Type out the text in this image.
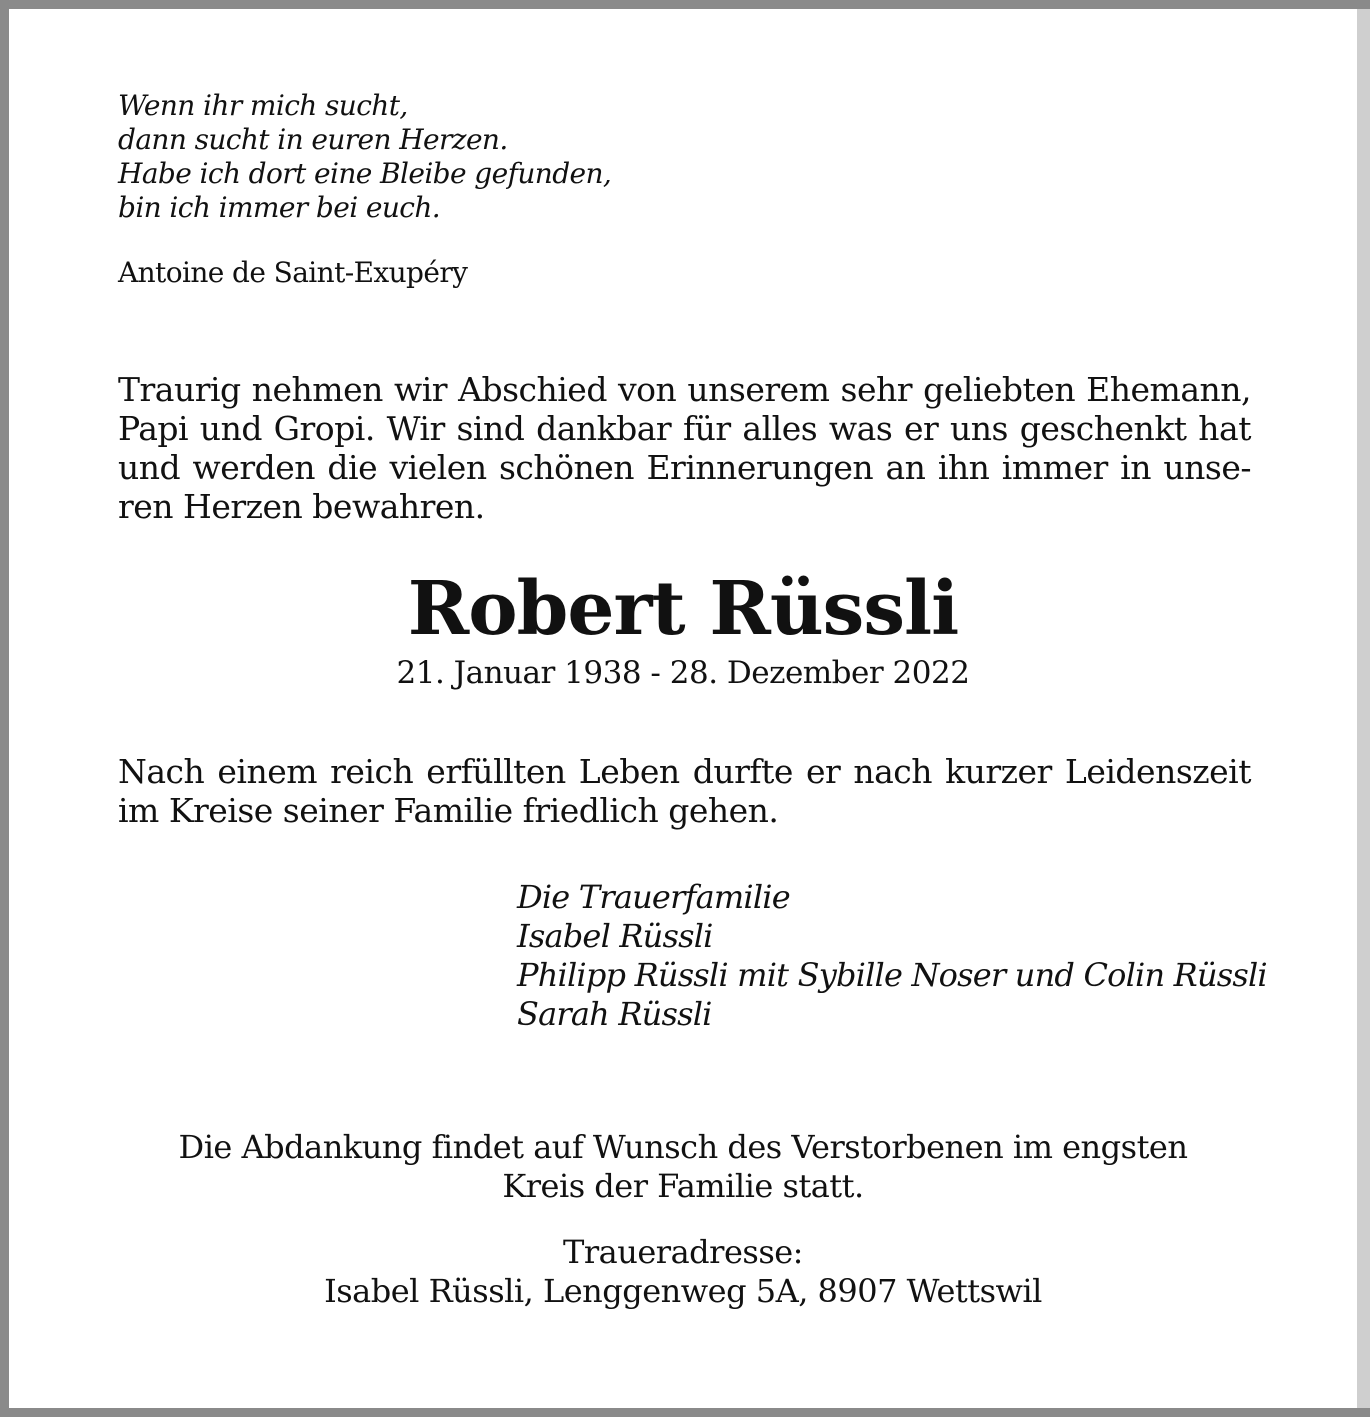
Wenn ihr mich sucht,
dann sucht in euren Herzen.
Habe ich dort eine Bleibe gefunden,
bin ich immer bei euch.
Antoine de Saint-Exupéry
Traurig nehmen wir Abschied von unserem sehr geliebten Ehemann,
Papi und Gropi. Wir sind dankbar für alles was er uns geschenkt hat
und werden die vielen schönen Erinnerungen an ihn immer in unse-
ren Herzen bewahren.
Robert Rüssli
21. Januar 1938 - 28. Dezember 2022
Nach einem reich erfüllten Leben durfte er nach kurzer Leidenszeit
im Kreise seiner Familie friedlich gehen.
Die Trauerfamilie
Isabel Rüssli
Philipp Rüssli mit Sybille Noser und Colin Rüssli
Sarah Rüssli
Die Abdankung findet auf Wunsch des Verstorbenen im engsten
Kreis der Familie statt.
Traueradresse:
Isabel Rüssli, Lenggenweg 5A, 8907 Wettswil
